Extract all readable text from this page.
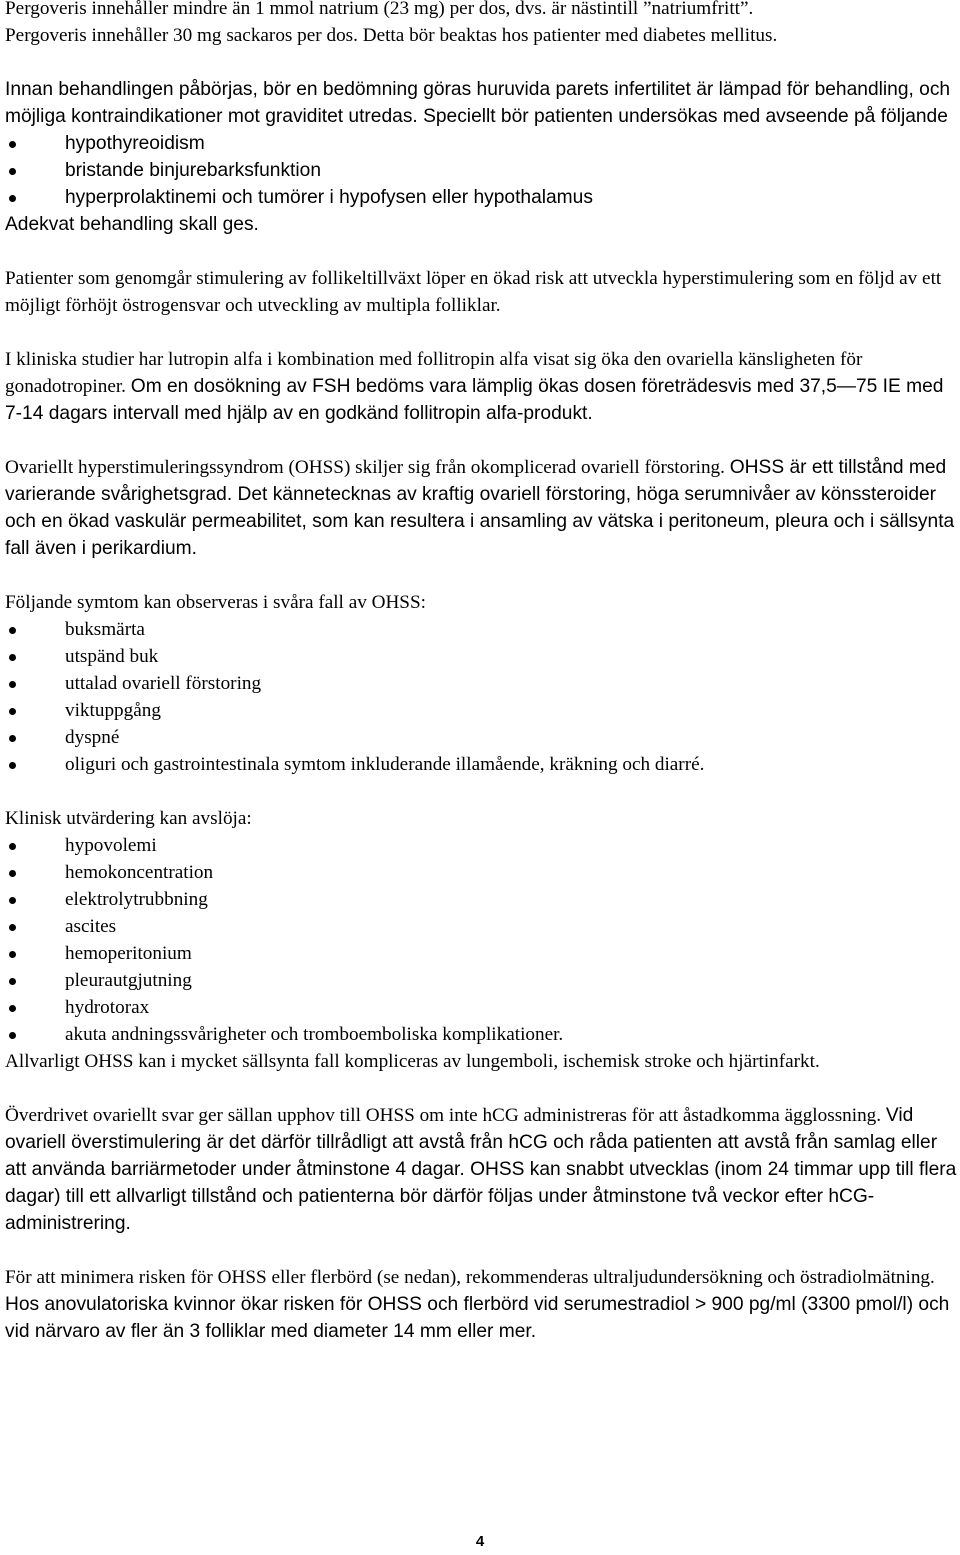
Pergoveris innehåller mindre än 1 mmol natrium (23 mg) per dos, dvs. är nästintill ”natriumfritt”.
Pergoveris innehåller 30 mg sackaros per dos. Detta bör beaktas hos patienter med diabetes mellitus.

Innan behandlingen påbörjas, bör en bedömning göras huruvida parets infertilitet är lämpad för behandling, och möjliga kontraindikationer mot graviditet utredas. Speciellt bör patienten undersökas med avseende på följande

hypothyreoidism
bristande binjurebarksfunktion
hyperprolaktinemi och tumörer i hypofysen eller hypothalamus

Adekvat behandling skall ges.

Patienter som genomgår stimulering av follikeltillväxt löper en ökad risk att utveckla hyperstimulering som en följd av ett möjligt förhöjt östrogensvar och utveckling av multipla folliklar.

I kliniska studier har lutropin alfa i kombination med follitropin alfa visat sig öka den ovariella känsligheten för gonadotropiner. Om en dosökning av FSH bedöms vara lämplig ökas dosen företrädesvis med 37,5—75 IE med 7-14 dagars intervall med hjälp av en godkänd follitropin alfa-produkt.

Ovariellt hyperstimuleringssyndrom (OHSS) skiljer sig från okomplicerad ovariell förstoring. OHSS är ett tillstånd med varierande svårighetsgrad. Det kännetecknas av kraftig ovariell förstoring, höga serumnivåer av könssteroider och en ökad vaskulär permeabilitet, som kan resultera i ansamling av vätska i peritoneum, pleura och i sällsynta fall även i perikardium.

Följande symtom kan observeras i svåra fall av OHSS:

buksmärta
utspänd buk
uttalad ovariell förstoring
viktuppgång
dyspné
oliguri och gastrointestinala symtom inkluderande illamående, kräkning och diarré.

Klinisk utvärdering kan avslöja:

hypovolemi
hemokoncentration
elektrolytrubbning
ascites
hemoperitonium
pleurautgjutning
hydrotorax
akuta andningssvårigheter och tromboemboliska komplikationer.

Allvarligt OHSS kan i mycket sällsynta fall kompliceras av lungemboli, ischemisk stroke och hjärtinfarkt.

Överdrivet ovariellt svar ger sällan upphov till OHSS om inte hCG administreras för att åstadkomma ägglossning. Vid ovariell överstimulering är det därför tillrådligt att avstå från hCG och råda patienten att avstå från samlag eller att använda barriärmetoder under åtminstone 4 dagar. OHSS kan snabbt utvecklas (inom 24 timmar upp till flera dagar) till ett allvarligt tillstånd och patienterna bör därför följas under åtminstone två veckor efter hCG-administrering.

För att minimera risken för OHSS eller flerbörd (se nedan), rekommenderas ultraljudundersökning och östradiolmätning. Hos anovulatoriska kvinnor ökar risken för OHSS och flerbörd vid serumestradiol > 900 pg/ml (3300 pmol/l) och vid närvaro av fler än 3 folliklar med diameter 14 mm eller mer.

4
